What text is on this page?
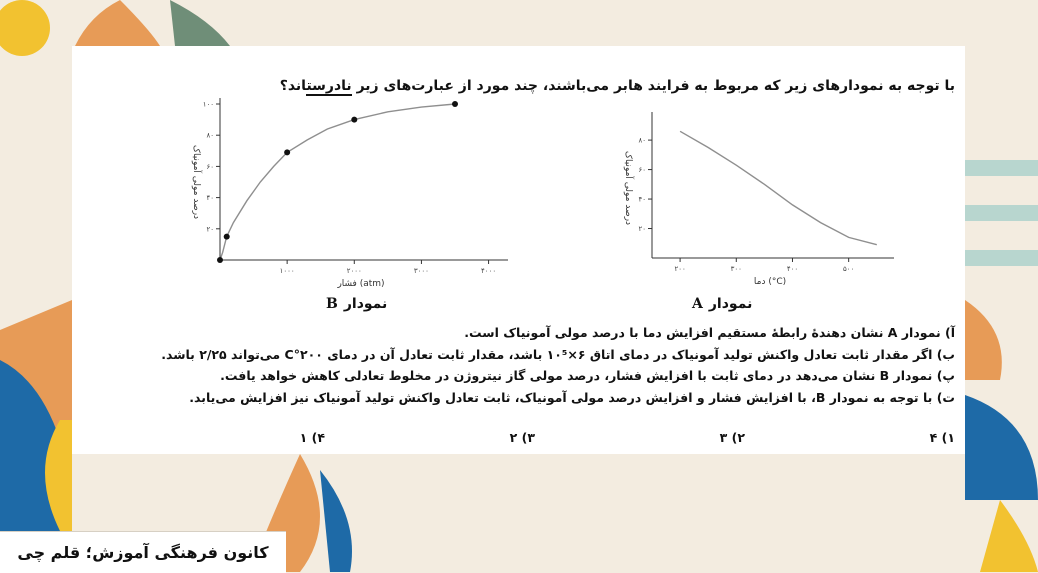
با توجه به نمودارهای زیر که مربوط به فرایند هابر می‌باشند، چند مورد از عبارت‌های زیر نادرستاند؟
۱۰۰۰	۲۰۰۰	۳۰۰۰	۴۰۰۰
۲۰
۴۰
۶۰
۸۰
۱۰۰
فشار (atm)
درصد مولی آمونیاک
نمودارB
۲۰۰	۳۰۰	۴۰۰	۵۰۰
۲۰
۴۰
۶۰
۸۰
دما (°C)
درصد مولی آمونیاک
نمودارA
آ) نمودار A نشان دهندهٔ رابطهٔ مستقیم افزایش دما با درصد مولی آمونیاک است.
ب) اگر مقدار ثابت تعادل واکنش تولید آمونیاک در دمای اتاق ۶×۱۰⁵ باشد، مقدار ثابت تعادل آن در دمای ۲۰۰°C می‌تواند ۲/۲۵ باشد.
پ) نمودار B نشان می‌دهد در دمای ثابت با افزایش فشار، درصد مولی گاز نیتروژن در مخلوط تعادلی کاهش خواهد یافت.
ت) با توجه به نمودار B، با افزایش فشار و افزایش درصد مولی آمونیاک، ثابت تعادل واکنش تولید آمونیاک نیز افزایش می‌یابد.
۱) ۴
۲) ۳
۳) ۲
۴) ۱
کانون فرهنگی آموزش؛ قلم چی
